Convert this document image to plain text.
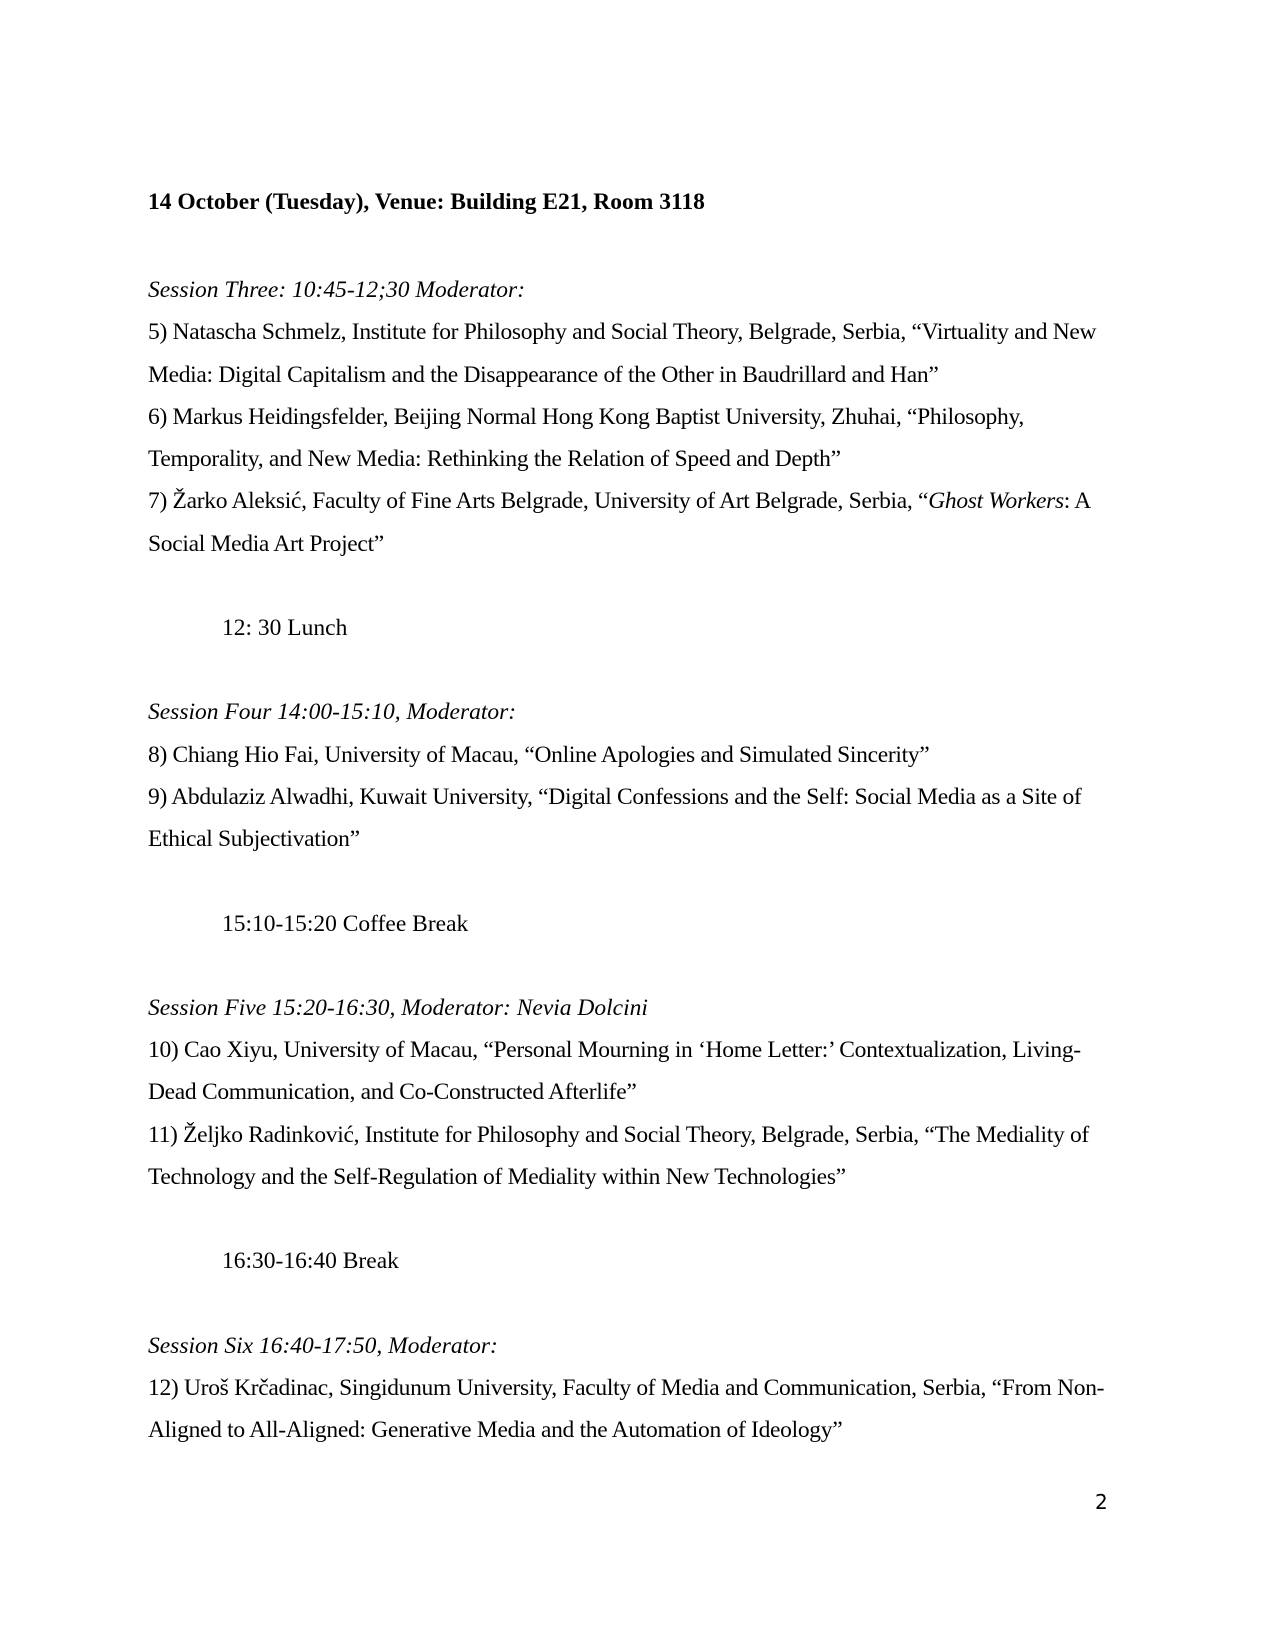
14 October (Tuesday), Venue: Building E21, Room 3118

Session Three: 10:45-12;30 Moderator:

5) Natascha Schmelz, Institute for Philosophy and Social Theory, Belgrade, Serbia, “Virtuality and New Media: Digital Capitalism and the Disappearance of the Other in Baudrillard and Han”

6) Markus Heidingsfelder, Beijing Normal Hong Kong Baptist University, Zhuhai, “Philosophy, Temporality, and New Media: Rethinking the Relation of Speed and Depth”

7) Žarko Aleksić, Faculty of Fine Arts Belgrade, University of Art Belgrade, Serbia, “Ghost Workers: A Social Media Art Project”

12: 30 Lunch

Session Four 14:00-15:10, Moderator:

8) Chiang Hio Fai, University of Macau, “Online Apologies and Simulated Sincerity”

9) Abdulaziz Alwadhi, Kuwait University, “Digital Confessions and the Self: Social Media as a Site of Ethical Subjectivation”

15:10-15:20 Coffee Break

Session Five 15:20-16:30, Moderator: Nevia Dolcini

10) Cao Xiyu, University of Macau, “Personal Mourning in ‘Home Letter:’ Contextualization, Living-Dead Communication, and Co-Constructed Afterlife”

11) Željko Radinković, Institute for Philosophy and Social Theory, Belgrade, Serbia, “The Mediality of Technology and the Self-Regulation of Mediality within New Technologies”

16:30-16:40 Break

Session Six 16:40-17:50, Moderator:

12) Uroš Krčadinac, Singidunum University, Faculty of Media and Communication, Serbia, “From Non-Aligned to All-Aligned: Generative Media and the Automation of Ideology”

2
